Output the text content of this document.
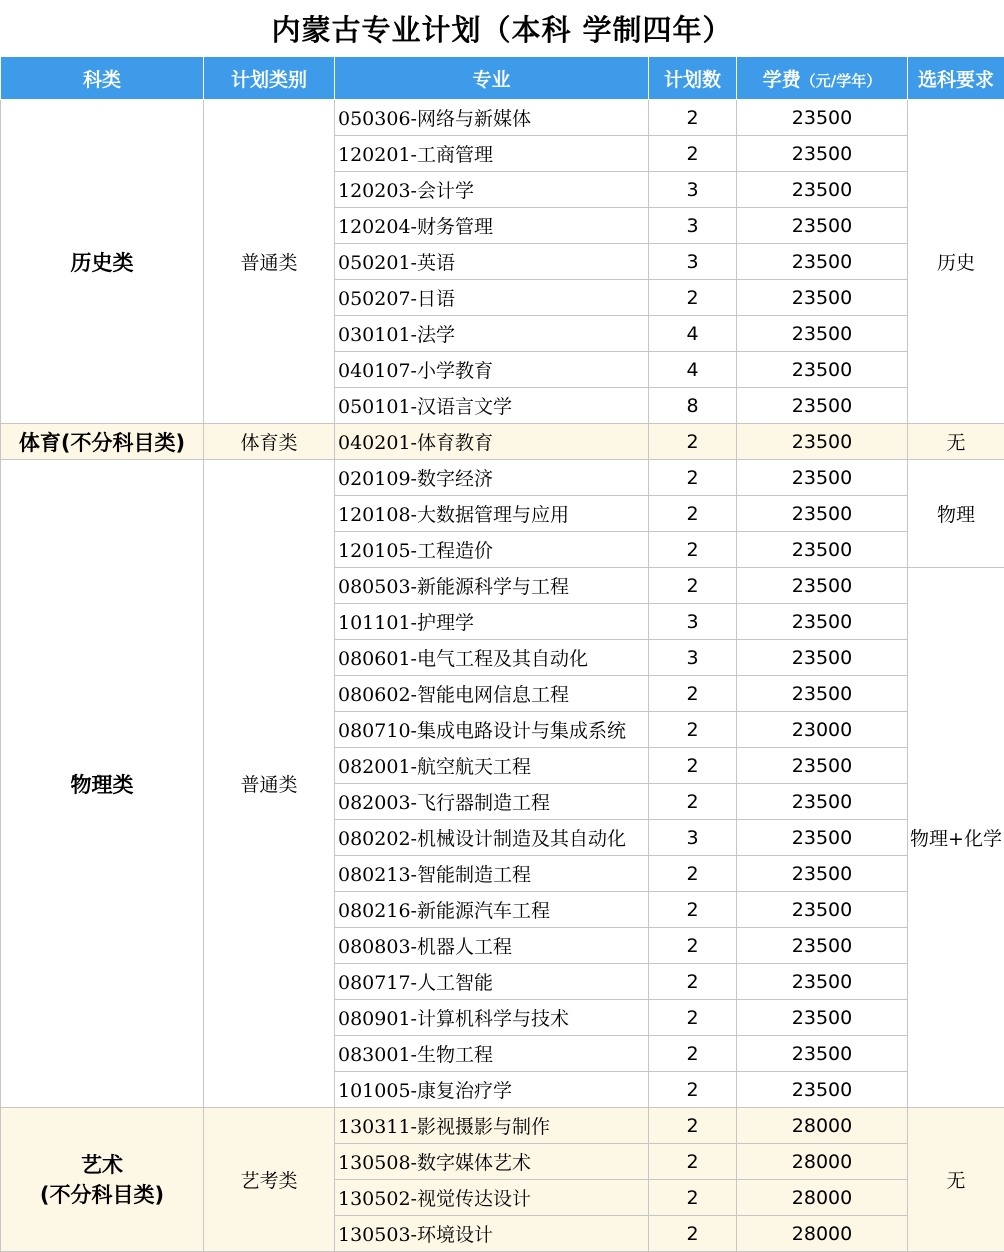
内蒙古专业计划（本科 学制四年）
科类	计划类别	专业	计划数	学费（元/学年）	选科要求
历史类	普通类	050306-网络与新媒体	2	23500	历史
		120201-工商管理	2	23500	
		120203-会计学	3	23500	
		120204-财务管理	3	23500	
		050201-英语	3	23500	
		050207-日语	2	23500	
		030101-法学	4	23500	
		040107-小学教育	4	23500	
		050101-汉语言文学	8	23500	
体育(不分科目类)	体育类	040201-体育教育	2	23500	无
物理类	普通类	020109-数字经济	2	23500	物理
		120108-大数据管理与应用	2	23500	
		120105-工程造价	2	23500	
		080503-新能源科学与工程	2	23500	物理+化学
		101101-护理学	3	23500	
		080601-电气工程及其自动化	3	23500	
		080602-智能电网信息工程	2	23500	
		080710-集成电路设计与集成系统	2	23000	
		082001-航空航天工程	2	23500	
		082003-飞行器制造工程	2	23500	
		080202-机械设计制造及其自动化	3	23500	
		080213-智能制造工程	2	23500	
		080216-新能源汽车工程	2	23500	
		080803-机器人工程	2	23500	
		080717-人工智能	2	23500	
		080901-计算机科学与技术	2	23500	
		083001-生物工程	2	23500	
		101005-康复治疗学	2	23500	

艺术
(不分科目类)	艺考类	130311-影视摄影与制作	2	28000	无
		130508-数字媒体艺术	2	28000	
		130502-视觉传达设计	2	28000	
		130503-环境设计	2	28000	
